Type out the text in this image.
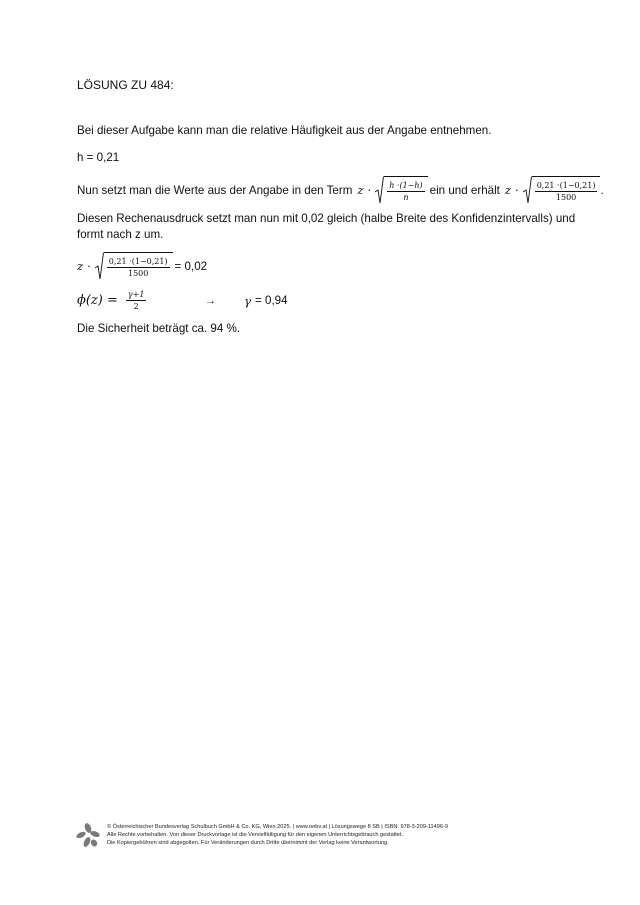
LÖSUNG ZU 484:
Bei dieser Aufgabe kann man die relative Häufigkeit aus der Angabe entnehmen.
h = 0,21
Nun setzt man die Werte aus der Angabe in den Term $z \cdot \frac{h \cdot(1-h)}{n}$ ein und erhält $z \cdot \frac{0,21 \cdot(1-0,21)}{1500}$ .
Diesen Rechenausdruck setzt man nun mit 0,02 gleich (halbe Breite des Konfidenzintervalls) und
formt nach z um.
$z \cdot \frac{0,21 \cdot(1-0,21)}{1500} = 0,02$
$\phi(z) = \frac{\gamma+1}{2}$	→ γ = 0,94
Die Sicherheit beträgt ca. 94 %.
© Österreichischer Bundesverlag Schulbuch GmbH & Co. KG, Wien 2025. | www.oebv.at | Lösungswege 8 SB | ISBN: 978-3-209-11496-9
Alle Rechte vorbehalten. Von dieser Druckvorlage ist die Vervielfältigung für den eigenen Unterrichtsgebrauch gestattet.
Die Kopiergebühren sind abgegolten. Für Veränderungen durch Dritte übernimmt der Verlag keine Verantwortung.
